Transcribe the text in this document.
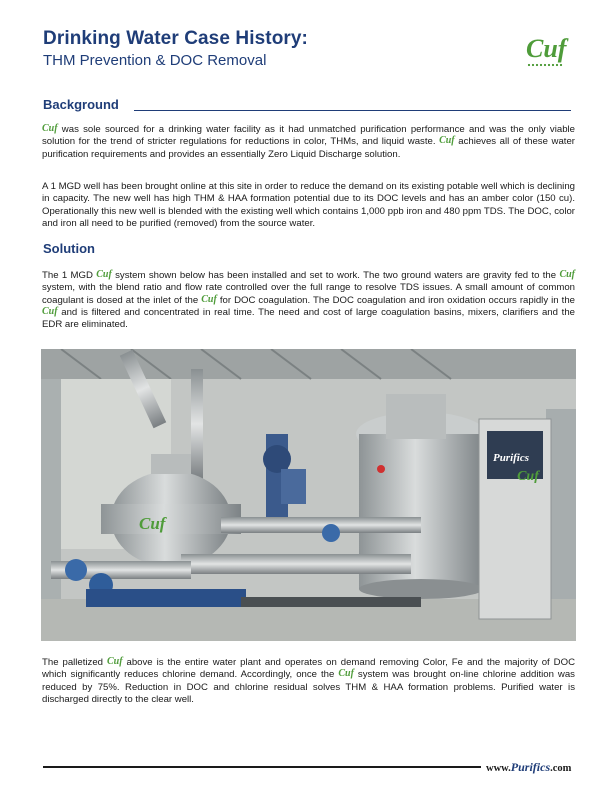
Drinking Water Case History:
THM Prevention & DOC Removal	Cuf
Background
Cuf was sole sourced for a drinking water facility as it had unmatched purification performance and was the only viable solution for the trend of stricter regulations for reductions in color, THMs, and liquid waste. Cuf achieves all of these water purification requirements and provides an essentially Zero Liquid Discharge solution.
A 1 MGD well has been brought online at this site in order to reduce the demand on its existing potable well which is declining in capacity. The new well has high THM & HAA formation potential due to its DOC levels and has an amber color (150 cu). Operationally this new well is blended with the existing well which contains 1,000 ppb iron and 480 ppm TDS. The DOC, color and iron all need to be purified (removed) from the source water.
Solution
The 1 MGD Cuf system shown below has been installed and set to work. The two ground waters are gravity fed to the Cufsystem, with the blend ratio and flow rate controlled over the full range to resolve TDS issues. A small amount of common coagulant is dosed at the inlet of the Cuf for DOC coagulation. The DOC coagulation and iron oxidation occurs rapidly in the Cuf and is filtered and concentrated in real time. The need and cost of large coagulation basins, mixers, clarifiers and the EDR are eliminated.
Purifics
Cuf
Cuf
The palletized Cuf above is the entire water plant and operates on demand removing Color, Fe and the majority of DOC which significantly reduces chlorine demand. Accordingly, once the Cuf system was brought on-line chlorine addition was reduced by 75%. Reduction in DOC and chlorine residual solves THM & HAA formation problems. Purified water is discharged directly to the clear well.
www.Purifics.com
